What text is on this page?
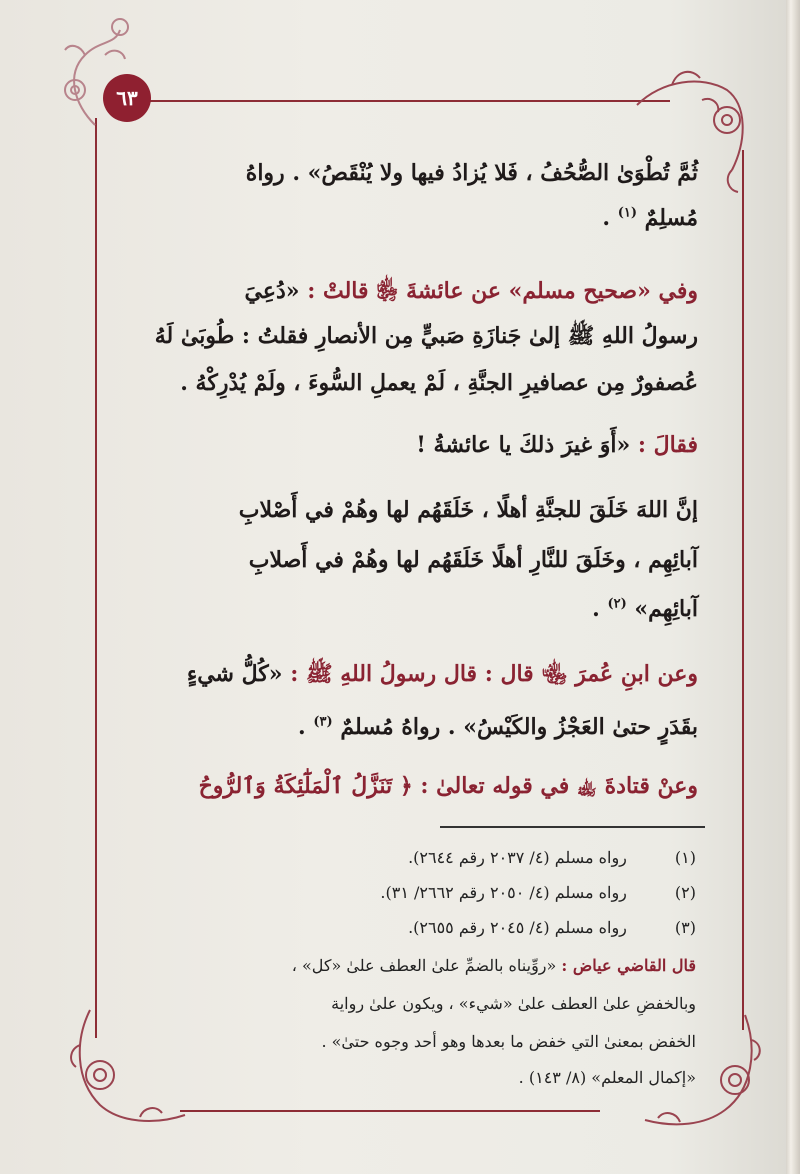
٦٣
ثُمَّ تُطْوَىٰ الصُّحُفُ ، فَلا يُزادُ فيها ولا يُنْقَصُ» . رواهُ
مُسلِمٌ $^{(١)}$ .
وفي «صحيح مسلم» عن عائشةَ ﵂ قالتْ : «دُعِيَ
رسولُ اللهِ ﷺ إلىٰ جَنازَةِ صَبيٍّ مِن الأنصارِ فقلتُ : طُوبَىٰ لَهُ
عُصفورٌ مِن عصافيرِ الجنَّةِ ، لَمْ يعملِ السُّوءَ ، ولَمْ يُدْرِكْهُ .
فقالَ : «أَوَ غيرَ ذلكَ يا عائشةُ !
إنَّ اللهَ خَلَقَ للجنَّةِ أهلًا ، خَلَقَهُم لها وهُمْ في أَصْلابِ
آبائِهِم ، وخَلَقَ للنَّارِ أهلًا خَلَقَهُم لها وهُمْ في أَصلابِ
آبائِهِم» $^{(٢)}$ .
وعن ابنِ عُمرَ ﵄ قال : قال رسولُ اللهِ ﷺ : «كُلُّ شيءٍ
بقَدَرٍ حتىٰ العَجْزُ والكَيْسُ» . رواهُ مُسلمٌ $^{(٣)}$ .
وعنْ قتادةَ ﵀ في قوله تعالىٰ : ﴿ تَنَزَّلُ ٱلْمَلَٰٓئِكَةُ وَٱلرُّوحُ
(١) رواه مسلم (٤/ ٢٠٣٧ رقم ٢٦٤٤).
(٢) رواه مسلم (٤/ ٢٠٥٠ رقم ٢٦٦٢/ ٣١).
(٣) رواه مسلم (٤/ ٢٠٤٥ رقم ٢٦٥٥).
قال القاضي عياض : «روِّيناه بالضمِّ علىٰ العطف علىٰ «كل» ،
وبالخفضِ علىٰ العطف علىٰ «شيء» ، ويكون علىٰ رواية
الخفض بمعنىٰ التي خفض ما بعدها وهو أحد وجوه حتىٰ» .
«إكمال المعلم» (٨/ ١٤٣) .
